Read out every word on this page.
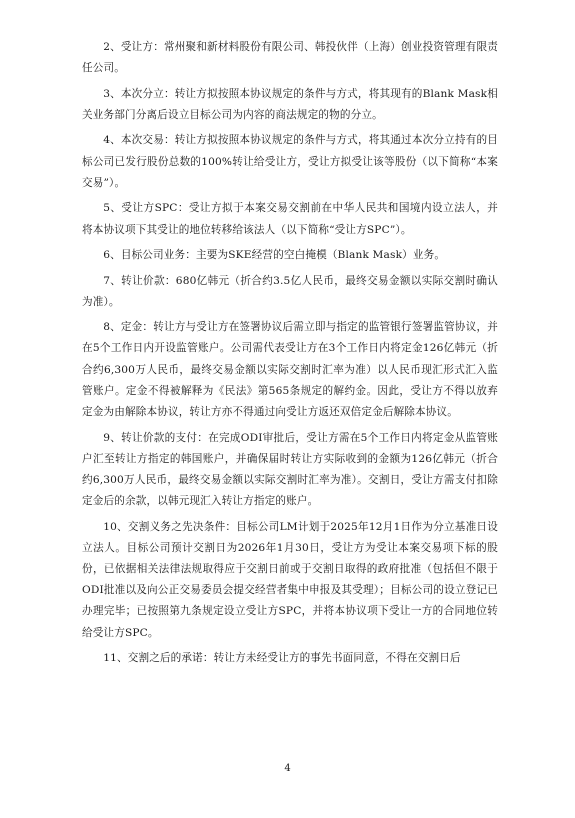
2、受让方：常州聚和新材料股份有限公司、韩投伙伴（上海）创业投资管理有限责任公司。

3、本次分立：转让方拟按照本协议规定的条件与方式，将其现有的Blank Mask相关业务部门分离后设立目标公司为内容的商法规定的物的分立。

4、本次交易：转让方拟按照本协议规定的条件与方式，将其通过本次分立持有的目标公司已发行股份总数的100%转让给受让方，受让方拟受让该等股份（以下简称“本案交易”）。

5、受让方SPC：受让方拟于本案交易交割前在中华人民共和国境内设立法人，并将本协议项下其受让的地位转移给该法人（以下简称“受让方SPC”）。

6、目标公司业务：主要为SKE经营的空白掩模（Blank Mask）业务。

7、转让价款：680亿韩元（折合约3.5亿人民币，最终交易金额以实际交割时确认为准）。

8、定金：转让方与受让方在签署协议后需立即与指定的监管银行签署监管协议，并在5个工作日内开设监管账户。公司需代表受让方在3个工作日内将定金126亿韩元（折合约6,300万人民币，最终交易金额以实际交割时汇率为准）以人民币现汇形式汇入监管账户。定金不得被解释为《民法》第565条规定的解约金。因此，受让方不得以放弃定金为由解除本协议，转让方亦不得通过向受让方返还双倍定金后解除本协议。

9、转让价款的支付：在完成ODI审批后，受让方需在5个工作日内将定金从监管账户汇至转让方指定的韩国账户，并确保届时转让方实际收到的金额为126亿韩元（折合约6,300万人民币，最终交易金额以实际交割时汇率为准）。交割日，受让方需支付扣除定金后的余款，以韩元现汇入转让方指定的账户。

10、交割义务之先决条件：目标公司LM计划于2025年12月1日作为分立基准日设立法人。目标公司预计交割日为2026年1月30日，受让方为受让本案交易项下标的股份，已依据相关法律法规取得应于交割日前或于交割日取得的政府批准（包括但不限于ODI批准以及向公正交易委员会提交经营者集中申报及其受理）；目标公司的设立登记已办理完毕；已按照第九条规定设立受让方SPC，并将本协议项下受让一方的合同地位转给受让方SPC。

11、交割之后的承诺：转让方未经受让方的事先书面同意，不得在交割日后

4
